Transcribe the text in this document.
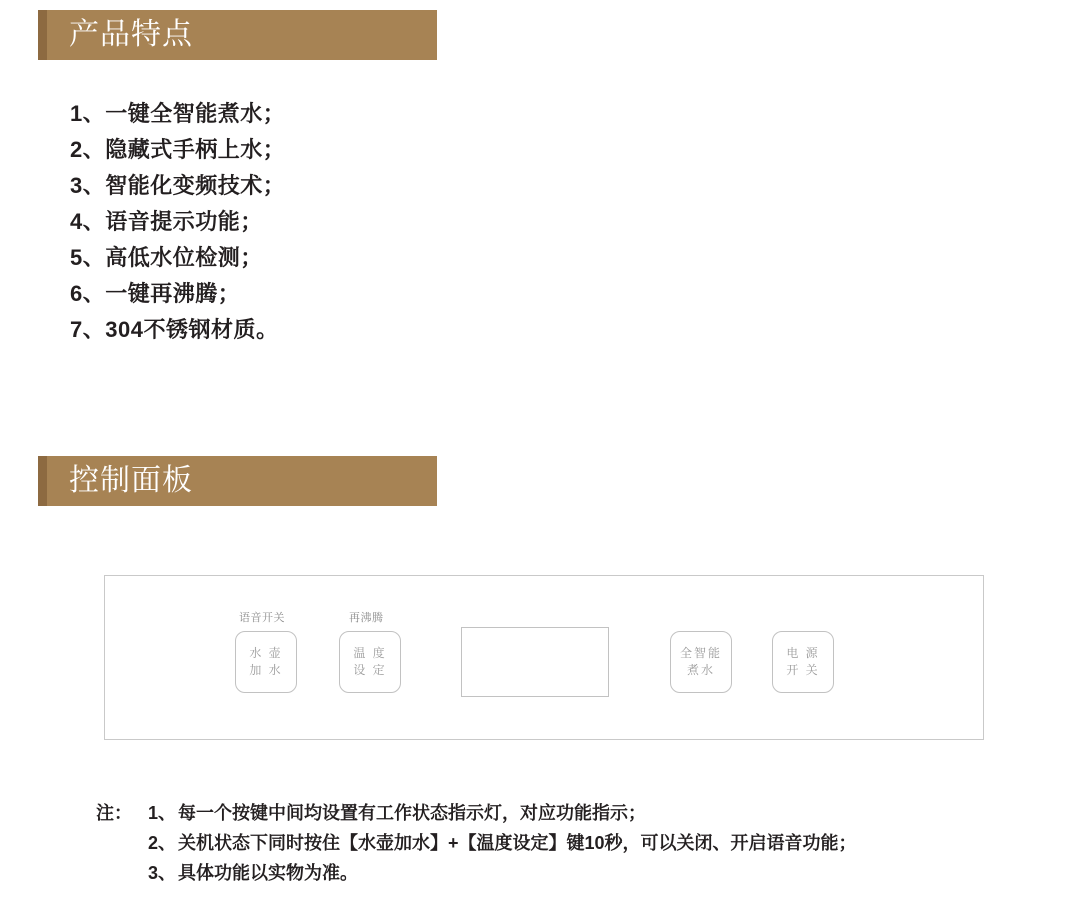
产品特点
1、一键全智能煮水；
2、隐藏式手柄上水；
3、智能化变频技术；
4、语音提示功能；
5、高低水位检测；
6、一键再沸腾；
7、304不锈钢材质。
控制面板
语音开关	再沸腾
水 壶
加 水
温 度
设 定
全智能
煮水
电 源
开 关
注： 1、 每一个按键中间均设置有工作状态指示灯，对应功能指示；
2、 关机状态下同时按住【水壶加水】+【温度设定】键10秒，可以关闭、开启语音功能；
3、 具体功能以实物为准。
